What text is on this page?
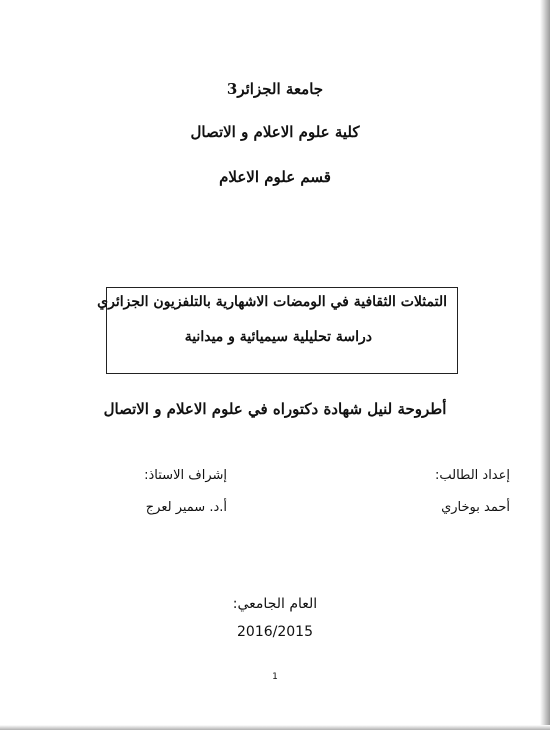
جامعة الجزائر3
كلية علوم الاعلام و الاتصال
قسم علوم الاعلام
التمثلات الثقافية في الومضات الاشهارية بالتلفزيون الجزائري
دراسة تحليلية سيميائية و ميدانية
أطروحة لنيل شهادة دكتوراه في علوم الاعلام و الاتصال
إعداد الطالب:
أحمد بوخاري
إشراف الاستاذ:
أ.د. سمير لعرج
العام الجامعي:
2016/2015
1
